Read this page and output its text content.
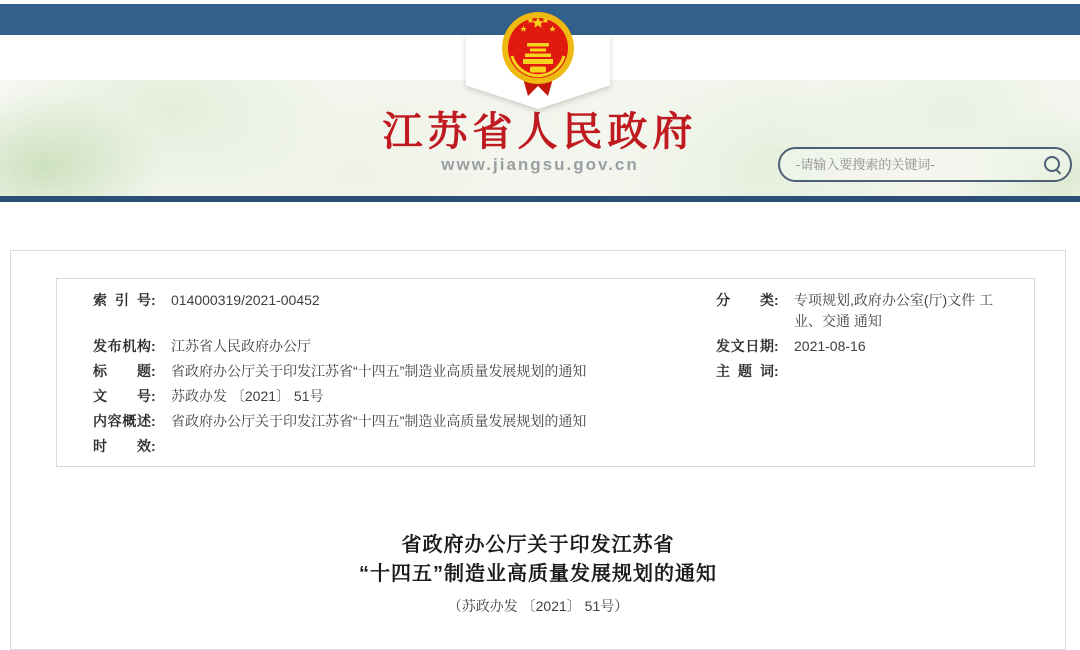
江苏省人民政府
www.jiangsu.gov.cn
-请输入要搜索的关键词-
索引号:	014000319/2021-00452	分类:	专项规划,政府办公室(厅)文件 工业、交通 通知
发布机构:	江苏省人民政府办公厅	发文日期:	2021-08-16
标题:	省政府办公厅关于印发江苏省“十四五”制造业高质量发展规划的通知	主题词:	
文号:	苏政办发 〔2021〕 51号		
内容概述:	省政府办公厅关于印发江苏省“十四五”制造业高质量发展规划的通知		
时效:			
省政府办公厅关于印发江苏省
“十四五”制造业高质量发展规划的通知
（苏政办发 〔2021〕 51号）
